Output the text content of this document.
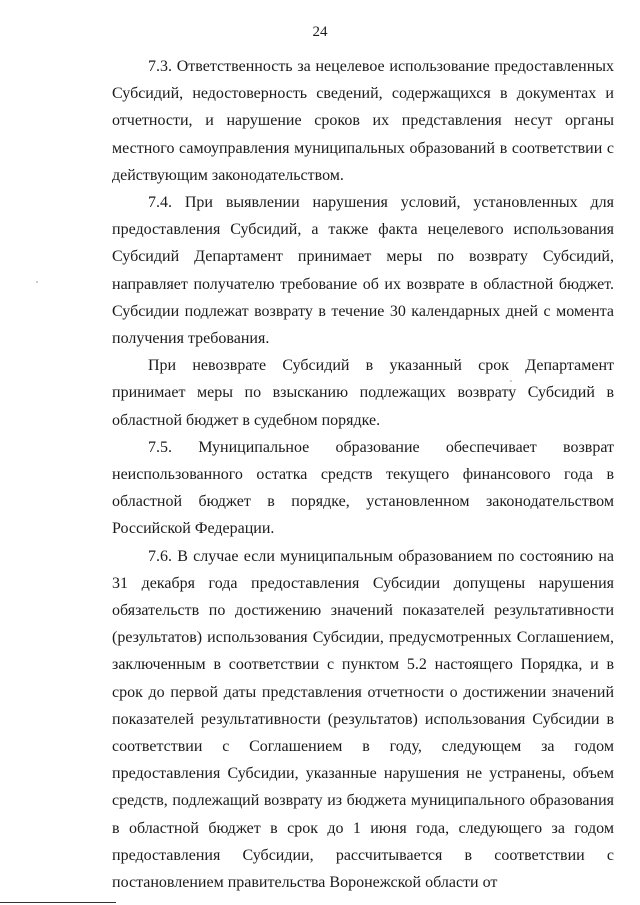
24

7.3. Ответственность за нецелевое использование предоставленных Субсидий, недостоверность сведений, содержащихся в документах и отчетности, и нарушение сроков их представления несут органы местного самоуправления муниципальных образований в соответствии с действующим законодательством.

7.4. При выявлении нарушения условий, установленных для предоставления Субсидий, а также факта нецелевого использования Субсидий Департамент принимает меры по возврату Субсидий, направляет получателю требование об их возврате в областной бюджет. Субсидии подлежат возврату в течение 30 календарных дней с момента получения требования.

При невозврате Субсидий в указанный срок Департамент принимает меры по взысканию подлежащих возврату Субсидий в областной бюджет в судебном порядке.

7.5. Муниципальное образование обеспечивает возврат неиспользованного остатка средств текущего финансового года в областной бюджет в порядке, установленном законодательством Российской Федерации.

7.6. В случае если муниципальным образованием по состоянию на 31 декабря года предоставления Субсидии допущены нарушения обязательств по достижению значений показателей результативности (результатов) использования Субсидии, предусмотренных Соглашением, заключенным в соответствии с пунктом 5.2 настоящего Порядка, и в срок до первой даты представления отчетности о достижении значений показателей результативности (результатов) использования Субсидии в соответствии с Соглашением в году, следующем за годом предоставления Субсидии, указанные нарушения не устранены, объем средств, подлежащий возврату из бюджета муниципального образования в областной бюджет в срок до 1 июня года, следующего за годом предоставления Субсидии, рассчитывается в соответствии с постановлением правительства Воронежской области от
